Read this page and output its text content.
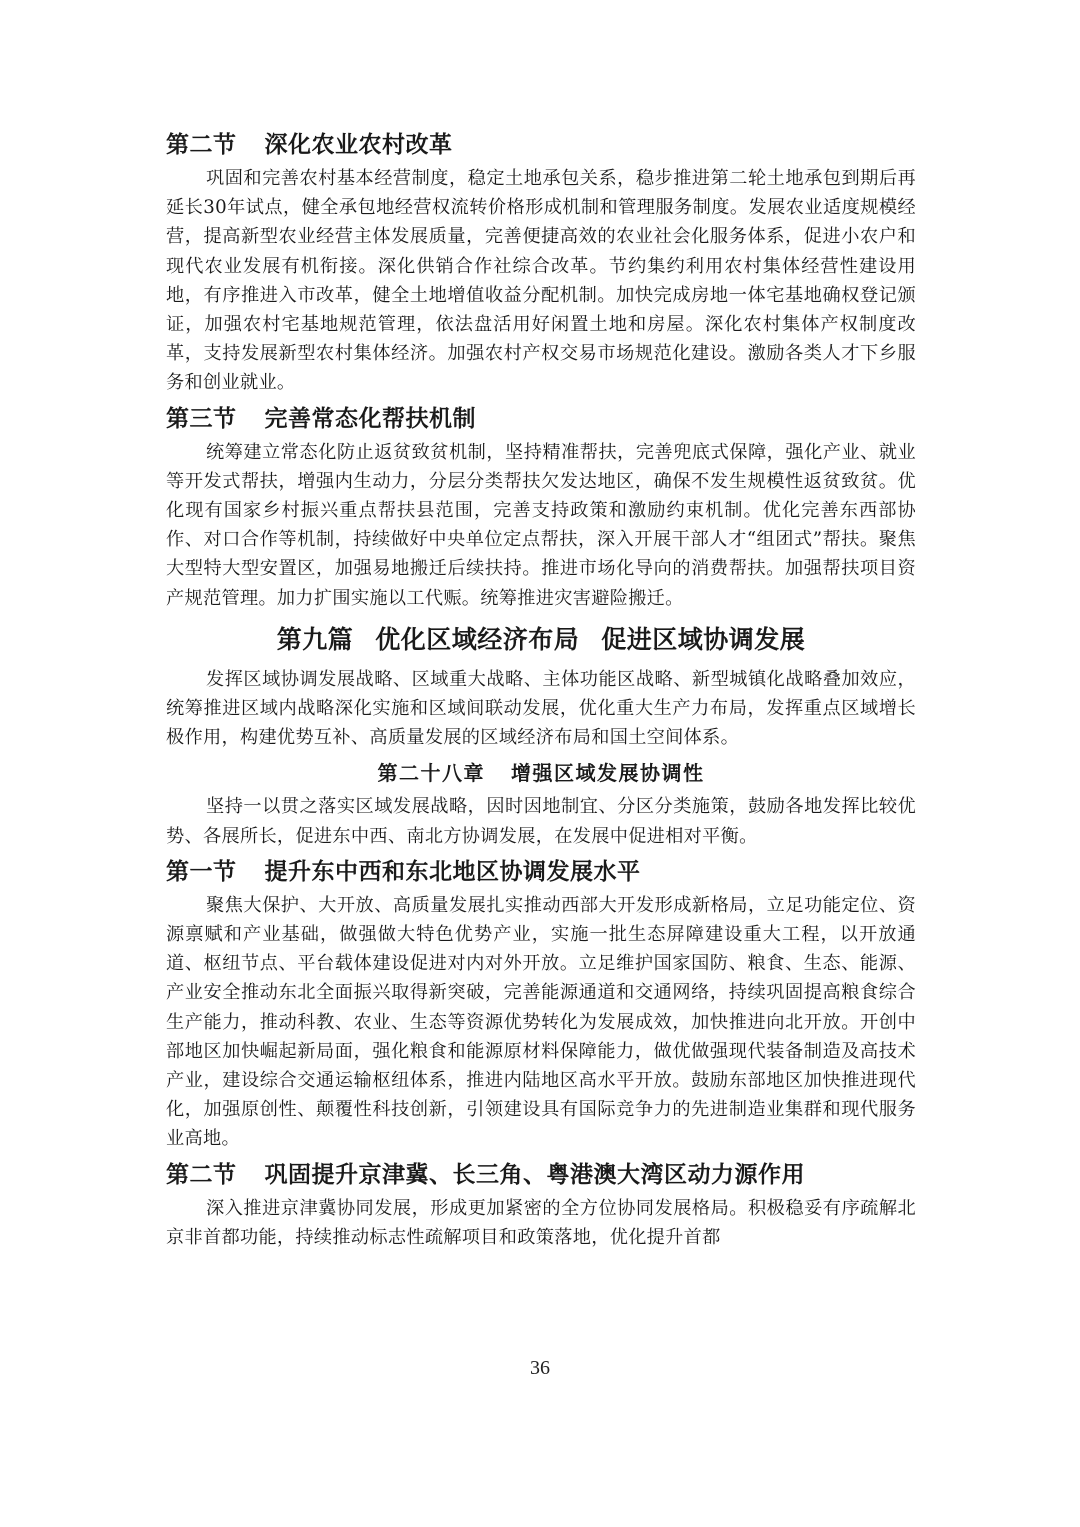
第二节 深化农业农村改革

巩固和完善农村基本经营制度，稳定土地承包关系，稳步推进第二轮土地承包到期后再延长30年试点，健全承包地经营权流转价格形成机制和管理服务制度。发展农业适度规模经营，提高新型农业经营主体发展质量，完善便捷高效的农业社会化服务体系，促进小农户和现代农业发展有机衔接。深化供销合作社综合改革。节约集约利用农村集体经营性建设用地，有序推进入市改革，健全土地增值收益分配机制。加快完成房地一体宅基地确权登记颁证，加强农村宅基地规范管理，依法盘活用好闲置土地和房屋。深化农村集体产权制度改革，支持发展新型农村集体经济。加强农村产权交易市场规范化建设。激励各类人才下乡服务和创业就业。

第三节 完善常态化帮扶机制

统筹建立常态化防止返贫致贫机制，坚持精准帮扶，完善兜底式保障，强化产业、就业等开发式帮扶，增强内生动力，分层分类帮扶欠发达地区，确保不发生规模性返贫致贫。优化现有国家乡村振兴重点帮扶县范围，完善支持政策和激励约束机制。优化完善东西部协作、对口合作等机制，持续做好中央单位定点帮扶，深入开展干部人才“组团式”帮扶。聚焦大型特大型安置区，加强易地搬迁后续扶持。推进市场化导向的消费帮扶。加强帮扶项目资产规范管理。加力扩围实施以工代赈。统筹推进灾害避险搬迁。

第九篇 优化区域经济布局 促进区域协调发展

发挥区域协调发展战略、区域重大战略、主体功能区战略、新型城镇化战略叠加效应，统筹推进区域内战略深化实施和区域间联动发展，优化重大生产力布局，发挥重点区域增长极作用，构建优势互补、高质量发展的区域经济布局和国土空间体系。

第二十八章 增强区域发展协调性

坚持一以贯之落实区域发展战略，因时因地制宜、分区分类施策，鼓励各地发挥比较优势、各展所长，促进东中西、南北方协调发展，在发展中促进相对平衡。

第一节 提升东中西和东北地区协调发展水平

聚焦大保护、大开放、高质量发展扎实推动西部大开发形成新格局，立足功能定位、资源禀赋和产业基础，做强做大特色优势产业，实施一批生态屏障建设重大工程，以开放通道、枢纽节点、平台载体建设促进对内对外开放。立足维护国家国防、粮食、生态、能源、产业安全推动东北全面振兴取得新突破，完善能源通道和交通网络，持续巩固提高粮食综合生产能力，推动科教、农业、生态等资源优势转化为发展成效，加快推进向北开放。开创中部地区加快崛起新局面，强化粮食和能源原材料保障能力，做优做强现代装备制造及高技术产业，建设综合交通运输枢纽体系，推进内陆地区高水平开放。鼓励东部地区加快推进现代化，加强原创性、颠覆性科技创新，引领建设具有国际竞争力的先进制造业集群和现代服务业高地。

第二节 巩固提升京津冀、长三角、粤港澳大湾区动力源作用

深入推进京津冀协同发展，形成更加紧密的全方位协同发展格局。积极稳妥有序疏解北京非首都功能，持续推动标志性疏解项目和政策落地，优化提升首都

36
